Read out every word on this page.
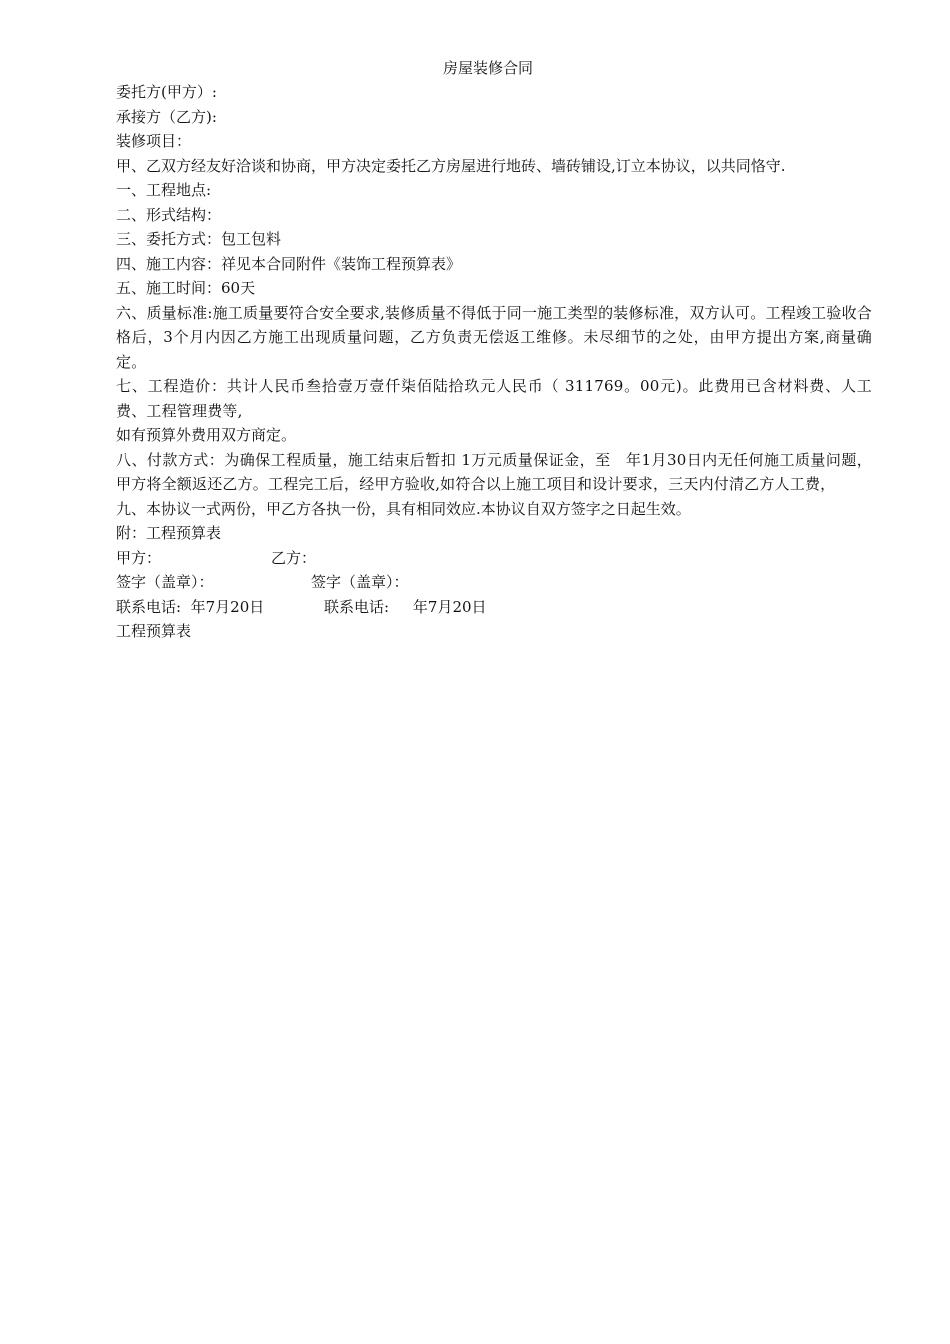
房屋装修合同

委托方(甲方）:

承接方（乙方):

装修项目：

甲、乙双方经友好洽谈和协商，甲方决定委托乙方房屋进行地砖、墙砖铺设,订立本协议，以共同恪守.

一、工程地点:

二、形式结构：

三、委托方式：包工包料

四、施工内容：祥见本合同附件《装饰工程预算表》

五、施工时间：60天

六、质量标准:施工质量要符合安全要求,装修质量不得低于同一施工类型的装修标准，双方认可。工程竣工验收合格后，3个月内因乙方施工出现质量问题，乙方负责无偿返工维修。未尽细节的之处，由甲方提出方案,商量确定。

七、工程造价：共计人民币叁拾壹万壹仟柒佰陆拾玖元人民币（ 311769。00元)。此费用已含材料费、人工费、工程管理费等,

如有预算外费用双方商定。

八、付款方式：为确保工程质量，施工结束后暂扣 1万元质量保证金，至　年1月30日内无任何施工质量问题，甲方将全额返还乙方。工程完工后，经甲方验收,如符合以上施工项目和设计要求，三天内付清乙方人工费，

九、本协议一式两份，甲乙方各执一份，具有相同效应.本协议自双方签字之日起生效。

附：工程预算表

甲方：	乙方：
签字（盖章）：	签字（盖章）：
联系电话: 年7月20日	联系电话: 年7月20日

工程预算表
